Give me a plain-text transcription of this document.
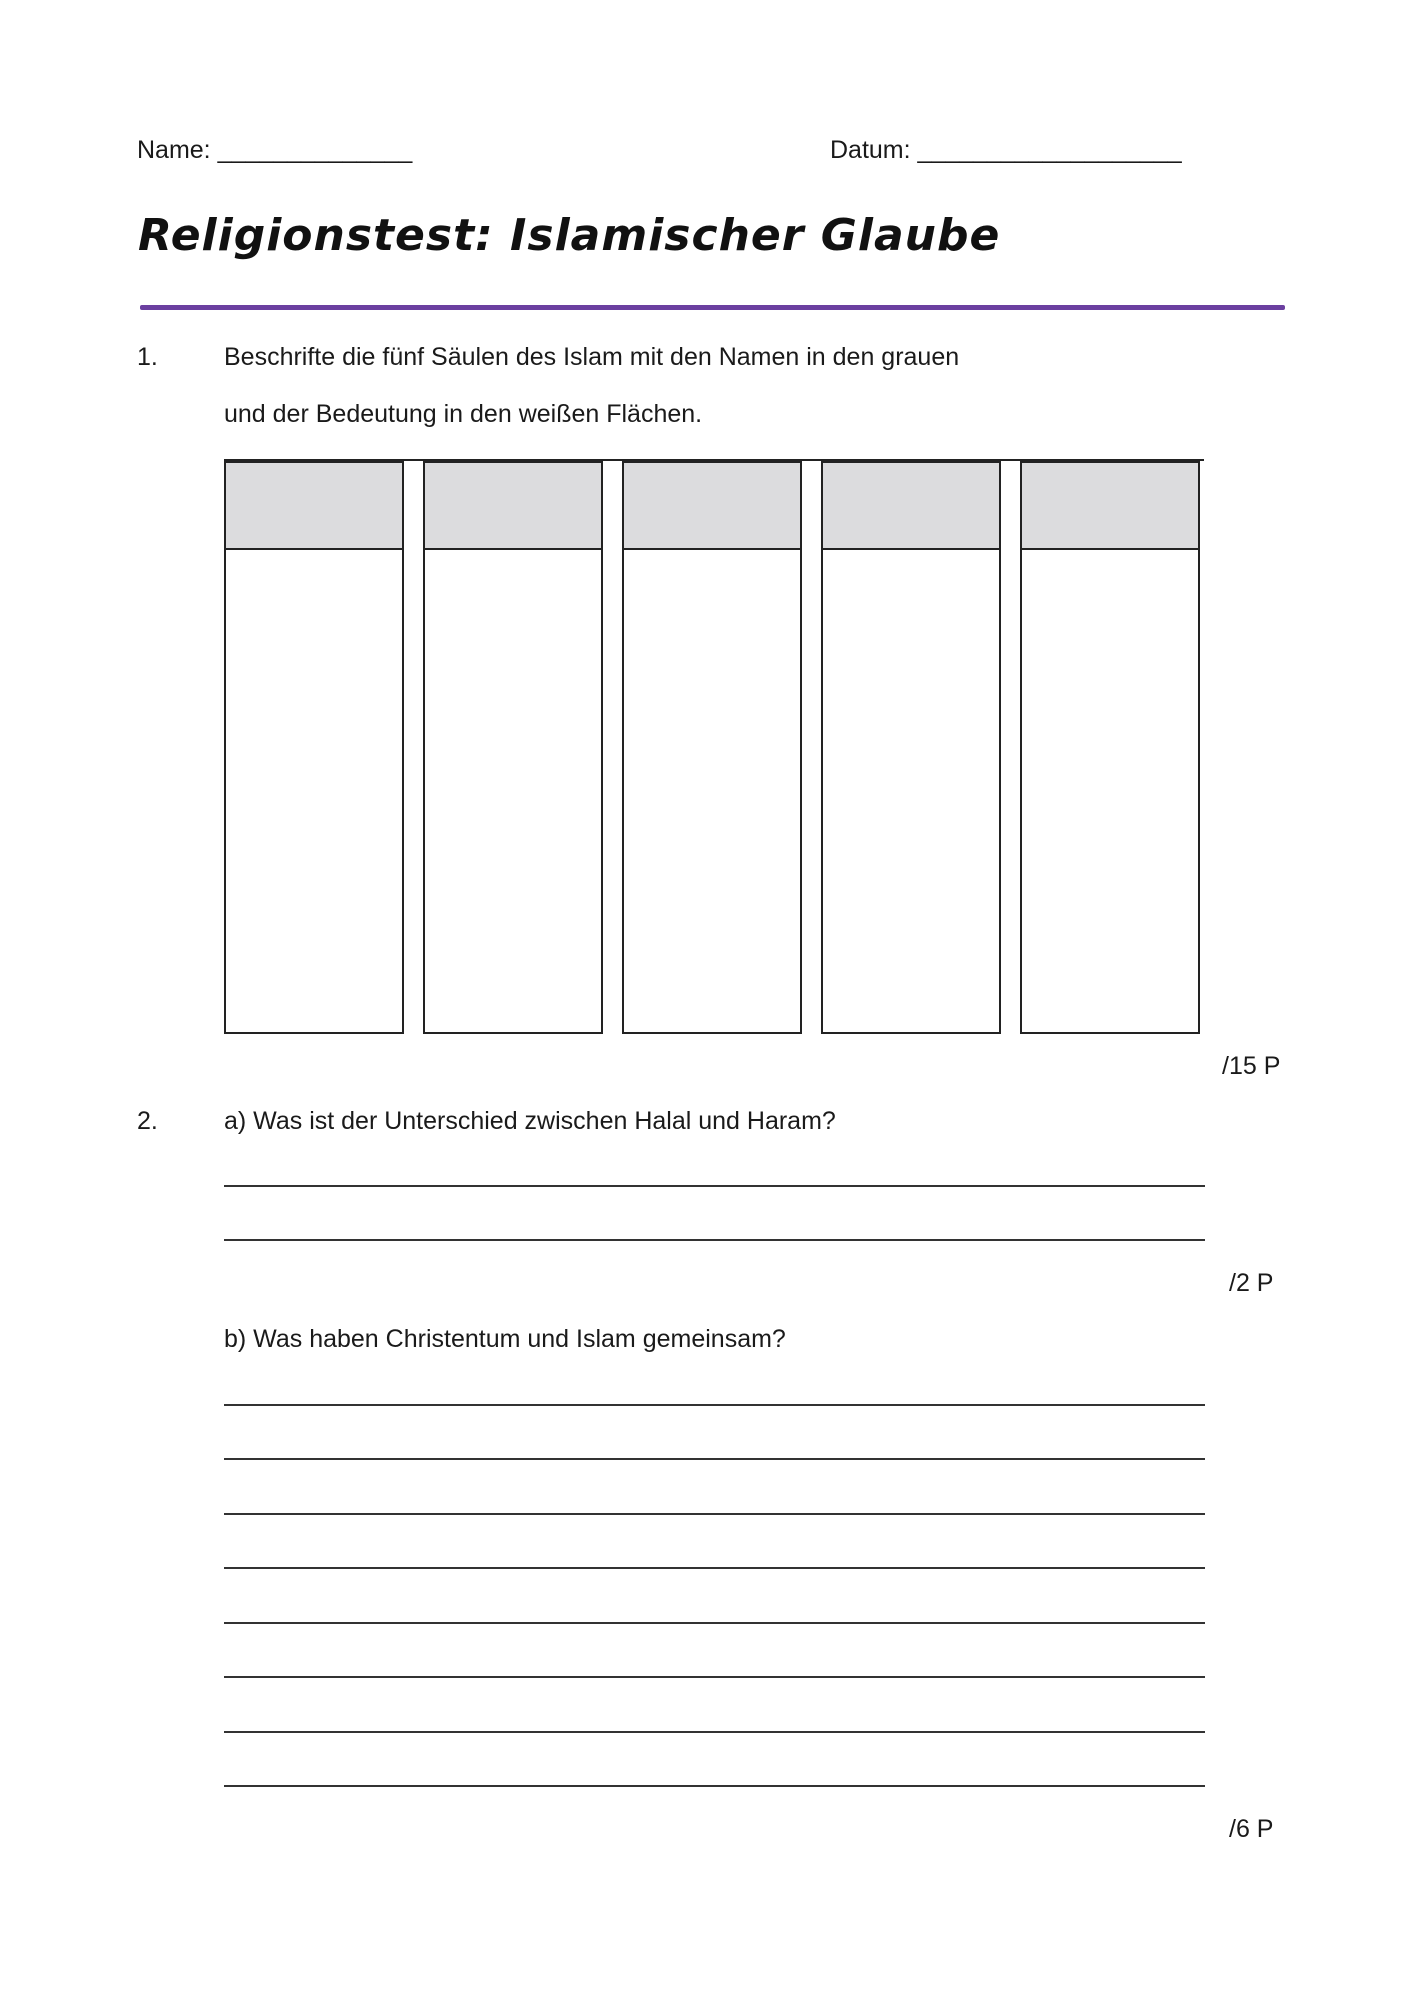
Name: ______________	Datum: ___________________
Religionstest: Islamischer Glaube
1.	Beschrifte die fünf Säulen des Islam mit den Namen in den grauen
und der Bedeutung in den weißen Flächen.
/15 P
2.	a) Was ist der Unterschied zwischen Halal und Haram?
/2 P
b) Was haben Christentum und Islam gemeinsam?
/6 P
